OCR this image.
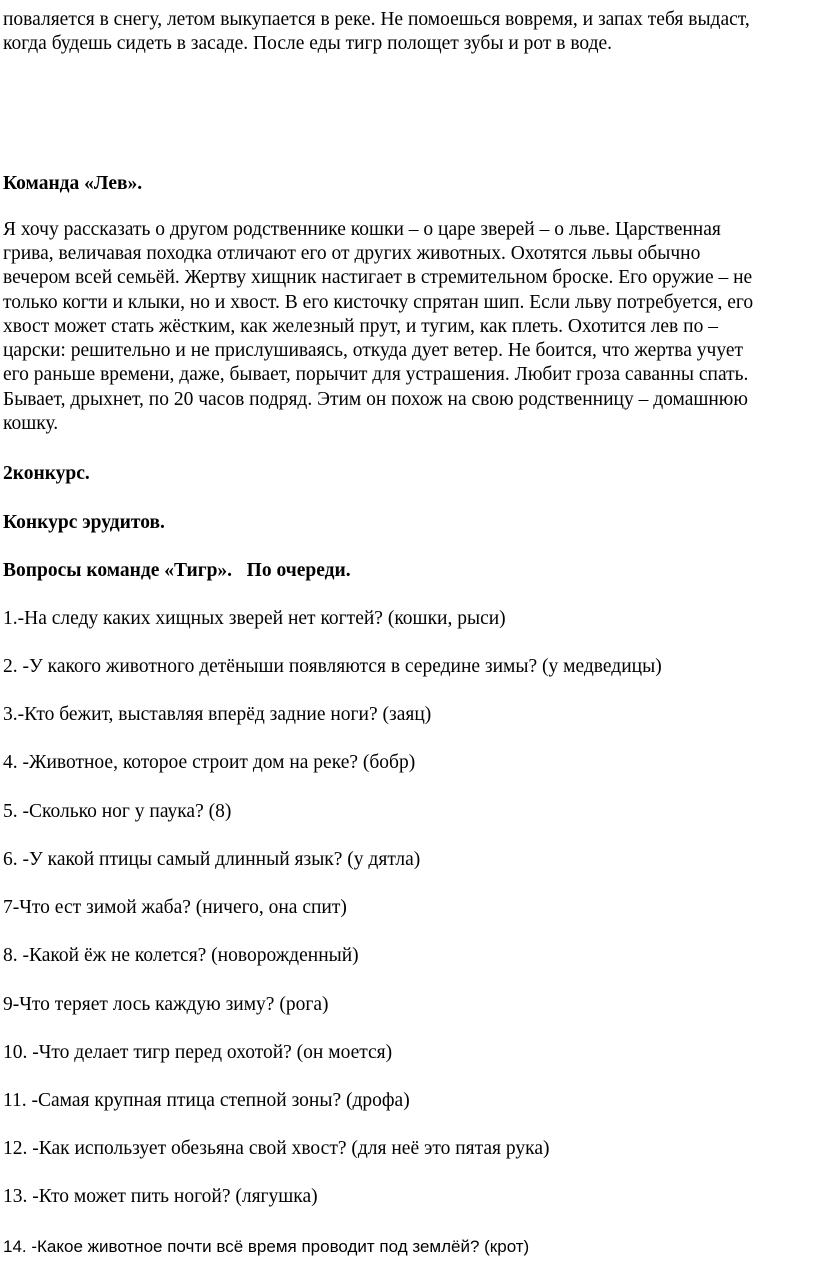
поваляется в снегу, летом выкупается в реке. Не помоешься вовремя, и запах тебя выдаст,
когда будешь сидеть в засаде. После еды тигр полощет зубы и рот в воде.
Команда «Лев».
Я хочу рассказать о другом родственнике кошки – о царе зверей – о льве. Царственная
грива, величавая походка отличают его от других животных. Охотятся львы обычно
вечером всей семьёй. Жертву хищник настигает в стремительном броске. Его оружие – не
только когти и клыки, но и хвост. В его кисточку спрятан шип. Если льву потребуется, его
хвост может стать жёстким, как железный прут, и тугим, как плеть. Охотится лев по –
царски: решительно и не прислушиваясь, откуда дует ветер. Не боится, что жертва учует
его раньше времени, даже, бывает, порычит для устрашения. Любит гроза саванны спать.
Бывает, дрыхнет, по 20 часов подряд. Этим он похож на свою родственницу – домашнюю
кошку.
2конкурс.
Конкурс эрудитов.
Вопросы команде «Тигр».   По очереди.
1.-На следу каких хищных зверей нет когтей? (кошки, рыси)
2. -У какого животного детёныши появляются в середине зимы? (у медведицы)
3.-Кто бежит, выставляя вперёд задние ноги? (заяц)
4. -Животное, которое строит дом на реке? (бобр)
5. -Сколько ног у паука? (8)
6. -У какой птицы самый длинный язык? (у дятла)
7-Что ест зимой жаба? (ничего, она спит)
8. -Какой ёж не колется? (новорожденный)
9-Что теряет лось каждую зиму? (рога)
10. -Что делает тигр перед охотой? (он моется)
11. -Самая крупная птица степной зоны? (дрофа)
12. -Как использует обезьяна свой хвост? (для неё это пятая рука)
13. -Кто может пить ногой? (лягушка)
14. -Какое животное почти всё время проводит под землёй? (крот)
